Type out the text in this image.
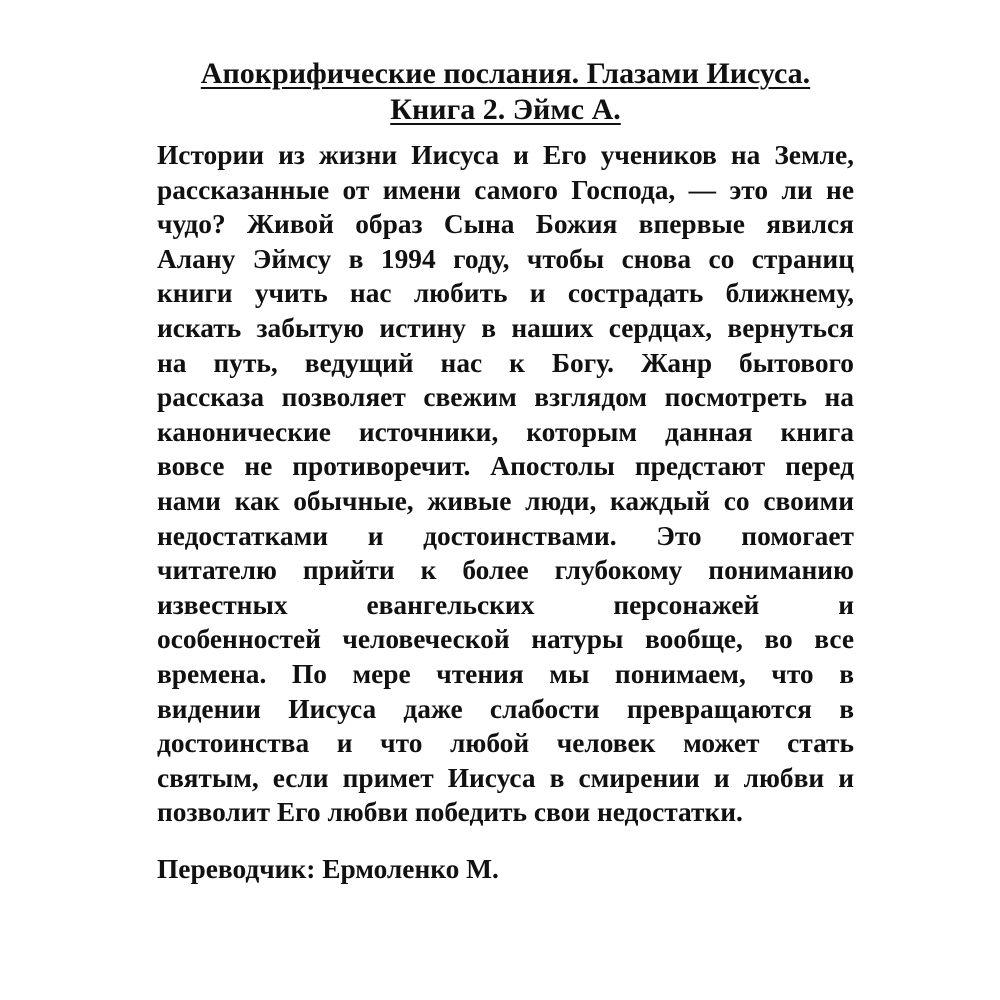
Апокрифические послания. Глазами Иисуса.
Книга 2. Эймс А.
Истории из жизни Иисуса и Его учеников на Земле,
рассказанные от имени самого Господа, — это ли не
чудо? Живой образ Сына Божия впервые явился
Алану Эймсу в 1994 году, чтобы снова со страниц
книги учить нас любить и сострадать ближнему,
искать забытую истину в наших сердцах, вернуться
на путь, ведущий нас к Богу. Жанр бытового
рассказа позволяет свежим взглядом посмотреть на
канонические источники, которым данная книга
вовсе не противоречит. Апостолы предстают перед
нами как обычные, живые люди, каждый со своими
недостатками и достоинствами. Это помогает
читателю прийти к более глубокому пониманию
известных евангельских персонажей и
особенностей человеческой натуры вообще, во все
времена. По мере чтения мы понимаем, что в
видении Иисуса даже слабости превращаются в
достоинства и что любой человек может стать
святым, если примет Иисуса в смирении и любви и
позволит Его любви победить свои недостатки.
Переводчик: Ермоленко М.
